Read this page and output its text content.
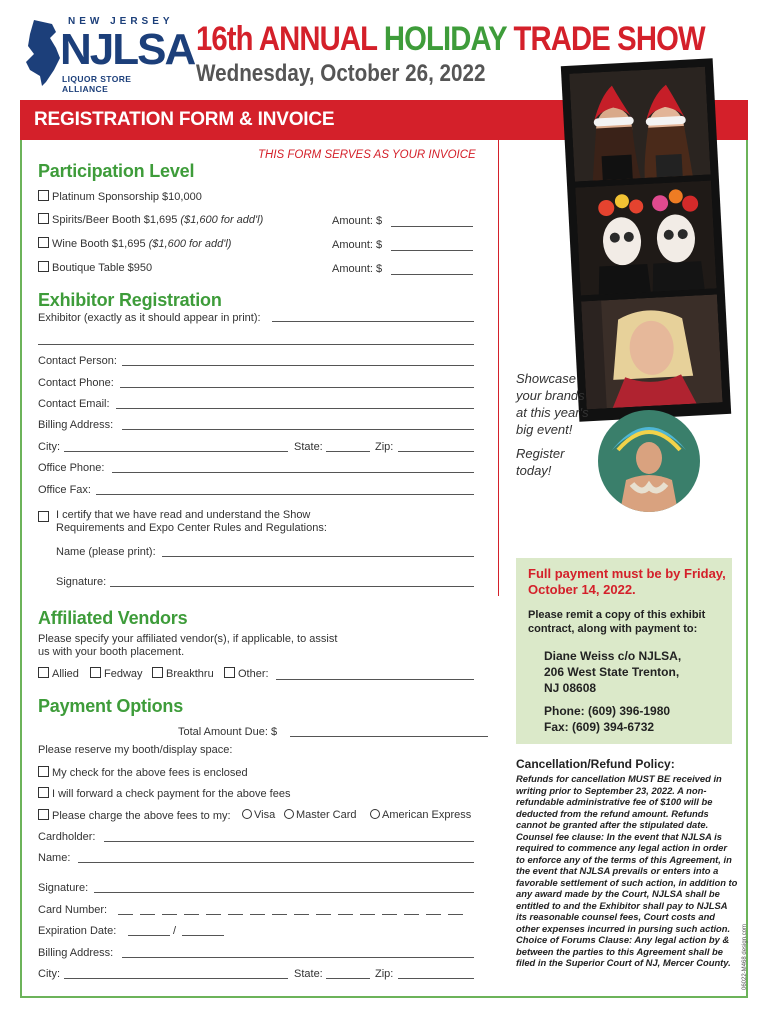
NEW JERSEY
NJLSA
LIQUOR STORE ALLIANCE
16th ANNUAL HOLIDAY TRADE SHOW
Wednesday, October 26, 2022
REGISTRATION FORM & INVOICE
THIS FORM SERVES AS YOUR INVOICE
Participation Level
Platinum Sponsorship $10,000
Spirits/Beer Booth $1,695 ($1,600 for add'l)	Amount: $
Wine Booth $1,695 ($1,600 for add'l)	Amount: $
Boutique Table $950	Amount: $
Exhibitor Registration
Exhibitor (exactly as it should appear in print):
Contact Person:
Contact Phone:
Contact Email:
Billing Address:
City:	State:	Zip:
Office Phone:
Office Fax:
I certify that we have read and understand the Show
Requirements and Expo Center Rules and Regulations:
Name (please print):
Signature:
Affiliated Vendors
Please specify your affiliated vendor(s), if applicable, to assist
us with your booth placement.
Allied	Fedway	Breakthru	Other:
Payment Options
Total Amount Due: $
Please reserve my booth/display space:
My check for the above fees is enclosed
I will forward a check payment for the above fees
Please charge the above fees to my:	Visa	Master Card	American Express
Cardholder:
Name:
Signature:
Card Number:
Expiration Date:	/
Billing Address:
City:	State:	Zip:
Showcase your brands at this year's big event!
Register today!
Full payment must be by Friday, October 14, 2022.
Please remit a copy of this exhibit contract, along with payment to:
Diane Weiss c/o NJLSA,
206 West State Trenton,
NJ 08608
Phone: (609) 396-1980
Fax: (609) 394-6732
Cancellation/Refund Policy:
Refunds for cancellation MUST BE received in writing prior to September 23, 2022. A non-refundable administrative fee of $100 will be deducted from the refund amount. Refunds cannot be granted after the stipulated date. Counsel fee clause: In the event that NJLSA is required to commence any legal action in order to enforce any of the terms of this Agreement, in the event that NJLSA prevails or enters into a favorable settlement of such action, in addition to any award made by the Court, NJLSA shall be entitled to and the Exhibitor shall pay to NJLSA its reasonable counsel fees, Court costs and other expenses incurred in pursing such action. Choice of Forums Clause: Any legal action by & between the parties to this Agreement shall be filed in the Superior Court of NJ, Mercer County.	06022-M468 design.com
